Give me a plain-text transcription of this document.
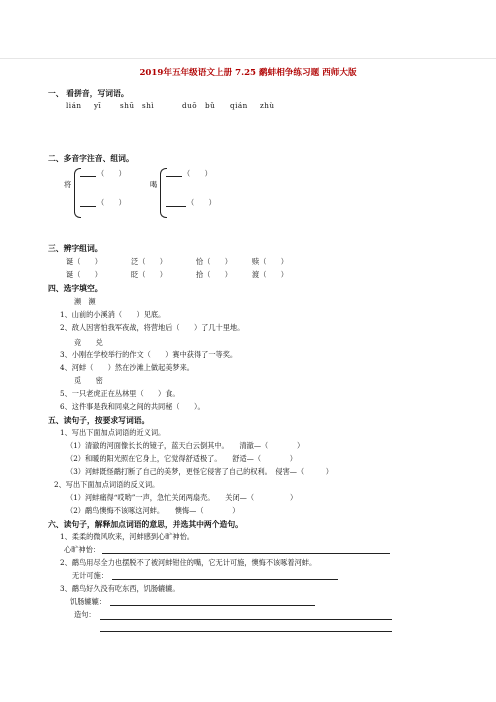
2019年五年级语文上册 7.25 鹬蚌相争练习题 西师大版
一、 看拼音，写词语。
lián yī	shū shì	duō bǔ qián zhù
二、多音字注音、组词。
将
（　　）
（　　）
喝
（　　）
（　　）
三、辨字组词。
诞（　　）	泛（　　）	恰（　　）	赎（　　）
诞（　　）	眨（　　）	拾（　　）	渡（　　）
四、选字填空。
濒　瀕
1、山前的小溪消（　　）见底。
2、敌人因害怕我军夜战，将营地后（　　）了几十里地。
竞　　兑
3、小刚在学校举行的作文（　　）赛中获得了一等奖。
4、河蚌（　　）然在沙滩上做起美梦来。
觅　　密
5、一只老虎正在丛林里（　　）食。
6、这件事是我和同桌之间的共同秘（　　）。
五、读句子，按要求写词语。
1、写出下面加点词语的近义词。
（1）清澈的河面像长长的镜子，蓝天白云倒其中。　　清澈—（　　　　）
（2）和暖的阳光照在它身上，它觉得舒适极了。　　舒适—（　　　　）
（3）河蚌既怪鹬打断了自己的美梦，更怪它侵害了自己的权利。　侵害—（　　　）
2、写出下面加点词语的反义词。
（1）河蚌痛得“哎哟”一声，急忙关闭两扇壳。　　关闭—（　　　　　）
（2）鹬鸟懊悔不该啄这河蚌。　　懊悔—（　　　　）
六、读句子，解释加点词语的意思，并选其中两个造句。
1、柔柔的微风吹来，河蚌感到心旷神怡。
心旷神怡：
2、鹬鸟用尽全力也摆脱不了被河蚌钳住的嘴，它无计可施，懊悔不该啄着河蚌。
无计可施：
3、鹬鸟好久没有吃东西，饥肠辘辘。
饥肠辘辘：
造句：
